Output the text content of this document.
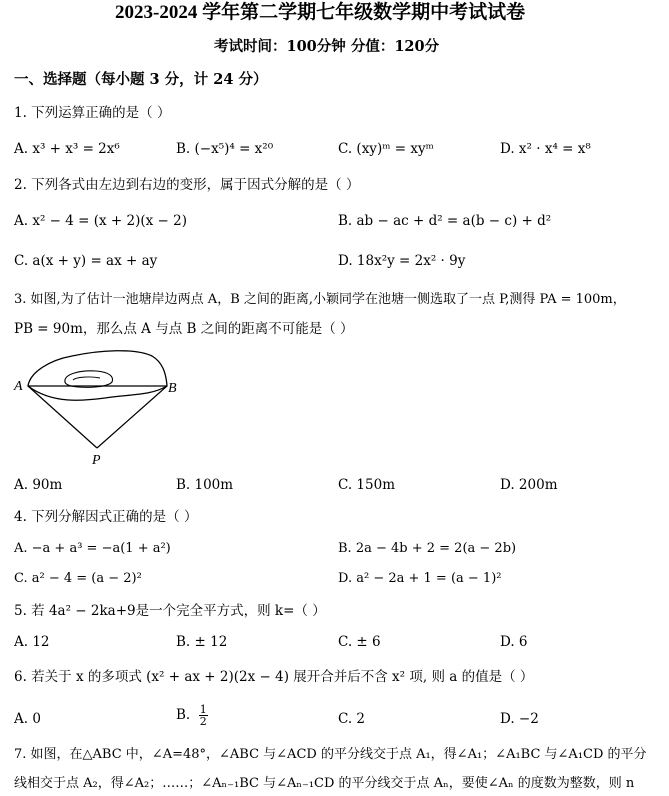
2023-2024 学年第二学期七年级数学期中考试试卷
考试时间：100分钟 分值：120分
一、选择题（每小题 3 分，计 24 分）
1. 下列运算正确的是（ ）
A. x³ + x³ = 2x⁶	B. (−x⁵)⁴ = x²⁰	C. (xy)ᵐ = xyᵐ	D. x² · x⁴ = x⁸
2. 下列各式由左边到右边的变形，属于因式分解的是（ ）
A. x² − 4 = (x + 2)(x − 2)	B. ab − ac + d² = a(b − c) + d²
C. a(x + y) = ax + ay	D. 18x²y = 2x² · 9y
3. 如图,为了估计一池塘岸边两点 A，B 之间的距离,小颖同学在池塘一侧选取了一点 P,测得 PA = 100m，
PB = 90m，那么点 A 与点 B 之间的距离不可能是（ ）
A	B
P
A. 90m	B. 100m	C. 150m	D. 200m
4. 下列分解因式正确的是（ ）
A. −a + a³ = −a(1 + a²)	B. 2a − 4b + 2 = 2(a − 2b)
C. a² − 4 = (a − 2)²	D. a² − 2a + 1 = (a − 1)²
5. 若 4a² − 2ka+9是一个完全平方式，则 k=（ ）
A. 12	B. ± 12	C. ± 6	D. 6
6. 若关于 x 的多项式 (x² + ax + 2)(2x − 4) 展开合并后不含 x² 项, 则 a 的值是（ ）
A. 0	B. $\frac{1}{2}$	C. 2	D. −2
7. 如图，在△ABC 中，∠A=48°，∠ABC 与∠ACD 的平分线交于点 A₁，得∠A₁；∠A₁BC 与∠A₁CD 的平分
线相交于点 A₂，得∠A₂；……；∠Aₙ₋₁BC 与∠Aₙ₋₁CD 的平分线交于点 Aₙ，要使∠Aₙ 的度数为整数，则 n
